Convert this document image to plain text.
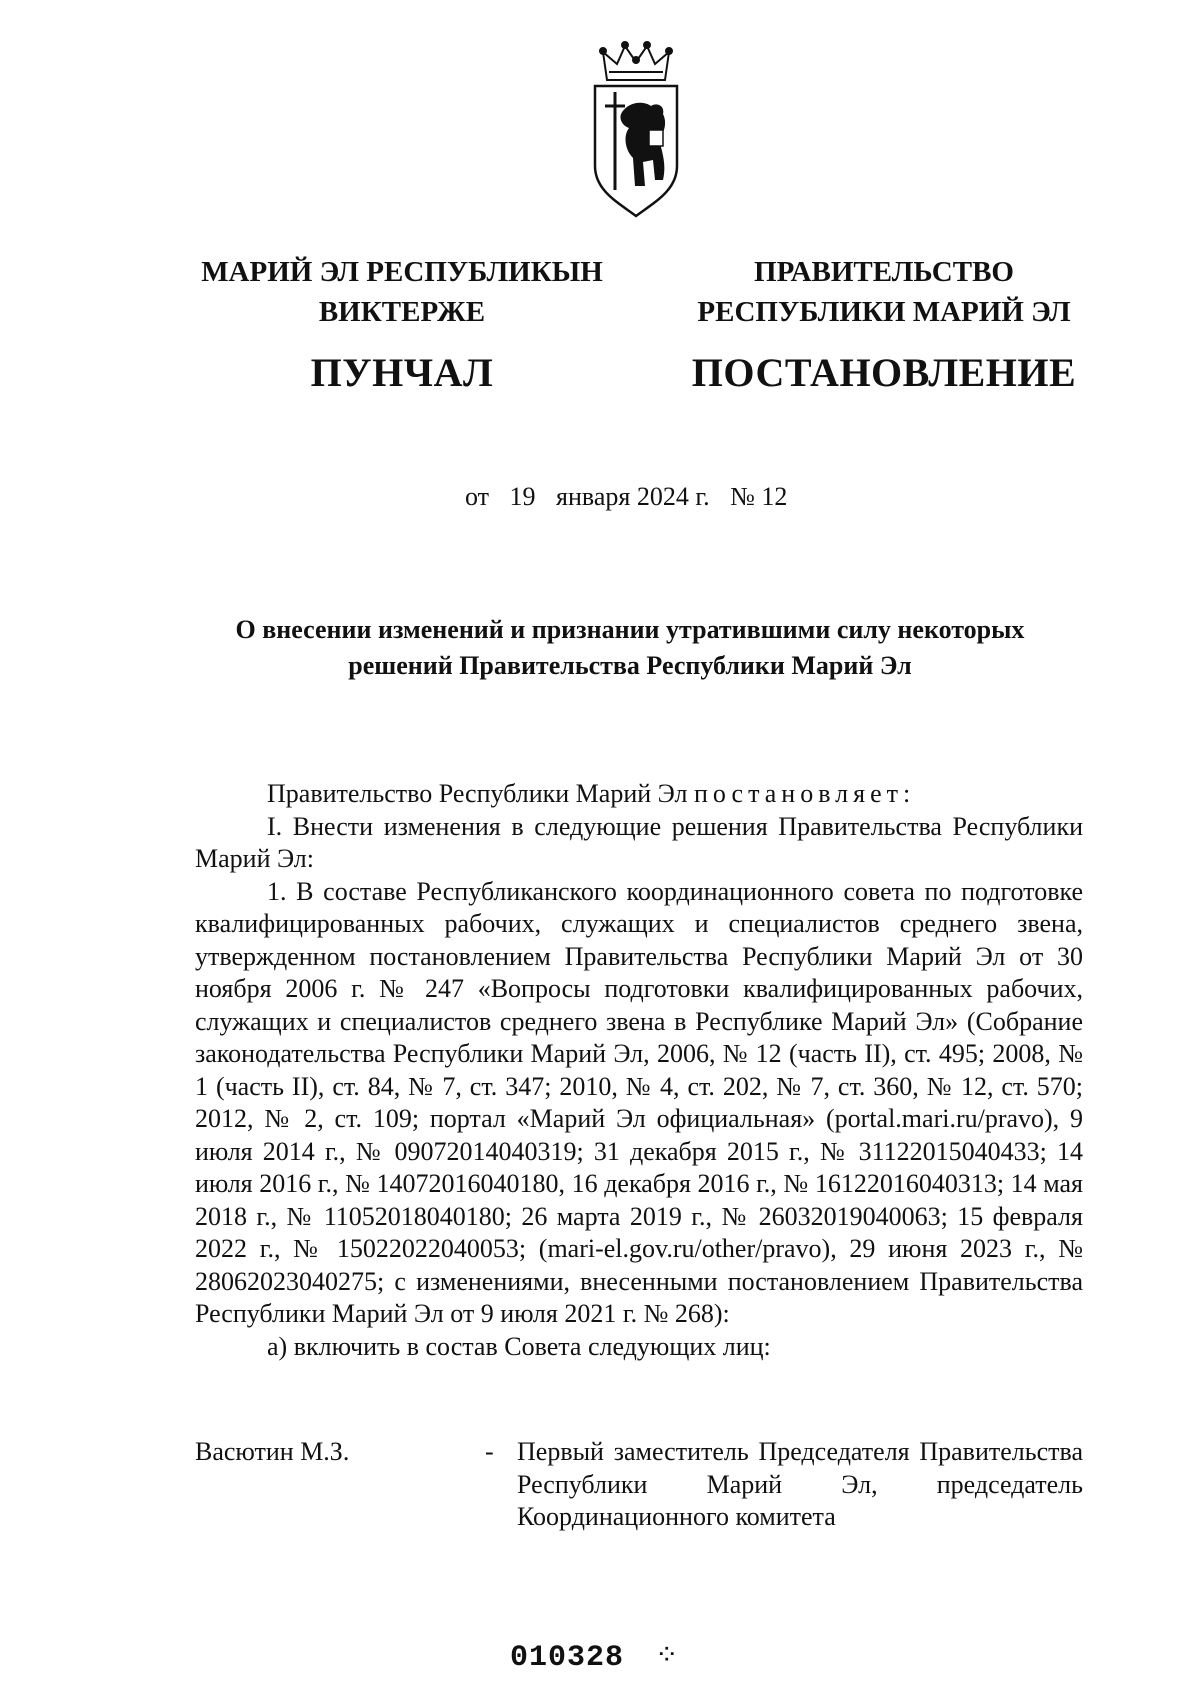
МАРИЙ ЭЛ РЕСПУБЛИКЫН
ВИКТЕРЖЕ
ПУНЧАЛ
ПРАВИТЕЛЬСТВО
РЕСПУБЛИКИ МАРИЙ ЭЛ
ПОСТАНОВЛЕНИЕ
от 19 января 2024 г. № 12
О внесении изменений и признании утратившими силу некоторых
решений Правительства Республики Марий Эл

Правительство Республики Марий Эл постановляет:

I. Внести изменения в следующие решения Правительства Республики Марий Эл:

1. В составе Республиканского координационного совета по подготовке квалифицированных рабочих, служащих и специалистов среднего звена, утвержденном постановлением Правительства Республики Марий Эл от 30 ноября 2006 г. № 247 «Вопросы подготовки квалифицированных рабочих, служащих и специалистов среднего звена в Республике Марий Эл» (Собрание законодательства Республики Марий Эл, 2006, № 12 (часть II), ст. 495; 2008, № 1 (часть II), ст. 84, № 7, ст. 347; 2010, № 4, ст. 202, № 7, ст. 360, № 12, ст. 570; 2012, № 2, ст. 109; портал «Марий Эл официальная» (portal.mari.ru/pravo), 9 июля 2014 г., № 09072014040319; 31 декабря 2015 г., № 31122015040433; 14 июля 2016 г., № 14072016040180, 16 декабря 2016 г., № 16122016040313; 14 мая 2018 г., № 11052018040180; 26 марта 2019 г., № 26032019040063; 15 февраля 2022 г., № 15022022040053; (mari-el.gov.ru/other/pravo), 29 июня 2023 г., № 28062023040275; с изменениями, внесенными постановлением Правительства Республики Марий Эл от 9 июля 2021 г. № 268):

а) включить в состав Совета следующих лиц:

Васютин М.З.	- Первый заместитель Председателя Правительства Республики Марий Эл, председатель Координационного комитета
010328 ⁘
